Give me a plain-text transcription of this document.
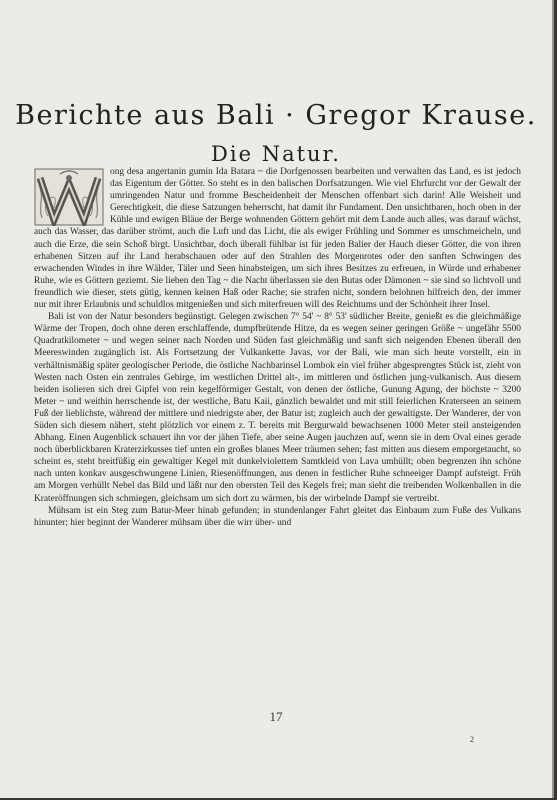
Berichte aus Bali · Gregor Krause.
Die Natur.

ong desa angertanin gumin Ida Batara ~ die Dorfgenossen bearbeiten und verwalten das Land, es ist jedoch das Eigentum der Götter. So steht es in den balischen Dorfsatzungen. Wie viel Ehrfurcht vor der Gewalt der umringenden Natur und fromme Bescheidenheit der Menschen offenbart sich darin! Alle Weisheit und Gerechtigkeit, die diese Satzungen beherrscht, hat damit ihr Fundament. Den unsichtbaren, hoch oben in der Kühle und ewigen Bläue der Berge wohnenden Göttern gehört mit dem Lande auch alles, was darauf wächst, auch das Wasser, das darüber strömt, auch die Luft und das Licht, die als ewiger Frühling und Sommer es umschmeicheln, und auch die Erze, die sein Schoß birgt. Unsichtbar, doch überall fühlbar ist für jeden Balier der Hauch dieser Götter, die von ihren erhabenen Sitzen auf ihr Land herabschauen oder auf den Strahlen des Morgenrotes oder den sanften Schwingen des erwachenden Windes in ihre Wälder, Täler und Seen hinabsteigen, um sich ihres Besitzes zu erfreuen, in Würde und erhabener Ruhe, wie es Göttern geziemt. Sie lieben den Tag ~ die Nacht überlassen sie den Butas oder Dämonen ~ sie sind so lichtvoll und freundlich wie dieser, stets gütig, kennen keinen Haß oder Rache; sie strafen nicht, sondern belohnen hilfreich den, der immer nur mit ihrer Erlaubnis und schuldlos mitgenießen und sich miterfreuen will des Reichtums und der Schönheit ihrer Insel.

Bali ist von der Natur besonders begünstigt. Gelegen zwischen 7° 54' ~ 8° 53' südlicher Breite, genießt es die gleichmäßige Wärme der Tropen, doch ohne deren erschlaffende, dumpfbrütende Hitze, da es wegen seiner geringen Größe ~ ungefähr 5500 Quadratkilometer ~ und wegen seiner nach Norden und Süden fast gleichmäßig und sanft sich neigenden Ebenen überall den Meereswinden zugänglich ist. Als Fortsetzung der Vulkankette Javas, vor der Bali, wie man sich heute vorstellt, ein in verhältnismäßig später geologischer Periode, die östliche Nachbarinsel Lombok ein viel früher abgesprengtes Stück ist, zieht von Westen nach Osten ein zentrales Gebirge, im westlichen Drittel alt-, im mittleren und östlichen jung-vulkanisch. Aus diesem beiden isolieren sich drei Gipfel von rein kegelförmiger Gestalt, von denen der östliche, Gunung Agung, der höchste ~ 3200 Meter ~ und weithin herrschende ist, der westliche, Batu Kaii, gänzlich bewaldet und mit still feierlichen Kraterseen an seinem Fuß der lieblichste, während der mittlere und niedrigste aber, der Batur ist; zugleich auch der gewaltigste. Der Wanderer, der von Süden sich diesem nähert, steht plötzlich vor einem z. T. bereits mit Bergurwald bewachsenen 1000 Meter steil ansteigenden Abhang. Einen Augenblick schauert ihn vor der jähen Tiefe, aber seine Augen jauchzen auf, wenn sie in dem Oval eines gerade noch überblickbaren Kraterzirkusses tief unten ein großes blaues Meer träumen sehen; fast mitten aus diesem emporgetaucht, so scheint es, steht breitfüßig ein gewaltiger Kegel mit dunkelviolettem Samtkleid von Lava umhüllt; oben begrenzen ihn schöne nach unten konkav ausgeschwungene Linien, Riesenöffnungen, aus denen in festlicher Ruhe schneeiger Dampf aufsteigt. Früh am Morgen verhüllt Nebel das Bild und läßt nur den obersten Teil des Kegels frei; man sieht die treibenden Wolkenballen in die Krateröffnungen sich schmiegen, gleichsam um sich dort zu wärmen, bis der wirbelnde Dampf sie vertreibt.

Mühsam ist ein Steg zum Batur-Meer hinab gefunden; in stundenlanger Fahrt gleitet das Einbaum zum Fuße des Vulkans hinunter; hier beginnt der Wanderer mühsam über die wirr über- und

17
2
